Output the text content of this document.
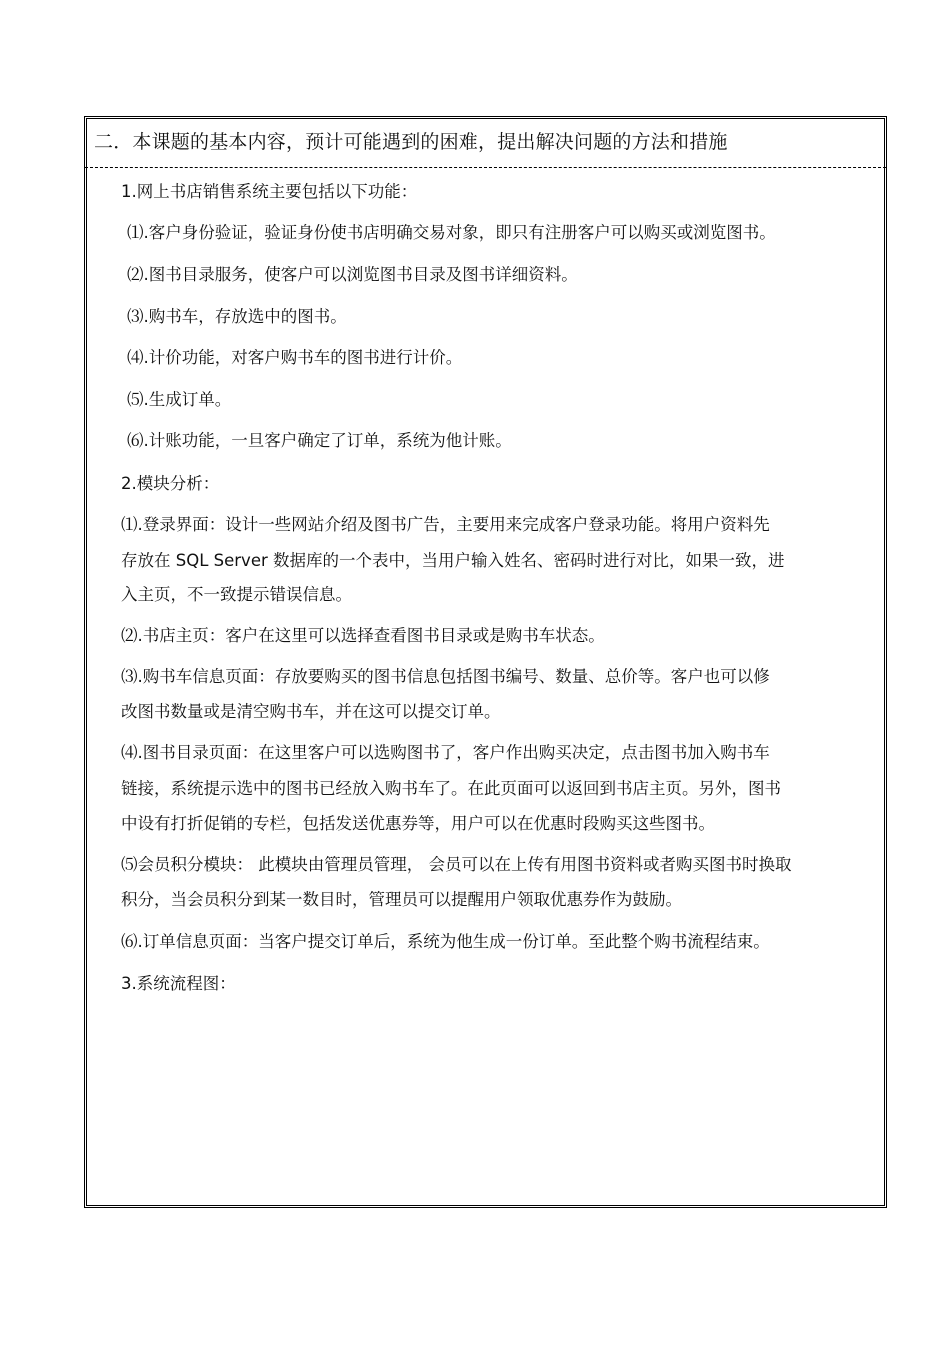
二．本课题的基本内容，预计可能遇到的困难，提出解决问题的方法和措施
1.网上书店销售系统主要包括以下功能：
⑴.客户身份验证，验证身份使书店明确交易对象，即只有注册客户可以购买或浏览图书。
⑵.图书目录服务，使客户可以浏览图书目录及图书详细资料。
⑶.购书车，存放选中的图书。
⑷.计价功能，对客户购书车的图书进行计价。
⑸.生成订单。
⑹.计账功能，一旦客户确定了订单，系统为他计账。
2.模块分析：
⑴.登录界面：设计一些网站介绍及图书广告，主要用来完成客户登录功能。将用户资料先
存放在 SQL Server 数据库的一个表中，当用户输入姓名、密码时进行对比，如果一致，进
入主页，不一致提示错误信息。
⑵.书店主页：客户在这里可以选择查看图书目录或是购书车状态。
⑶.购书车信息页面：存放要购买的图书信息包括图书编号、数量、总价等。客户也可以修
改图书数量或是清空购书车，并在这可以提交订单。
⑷.图书目录页面：在这里客户可以选购图书了，客户作出购买决定，点击图书加入购书车
链接，系统提示选中的图书已经放入购书车了。在此页面可以返回到书店主页。另外，图书
中设有打折促销的专栏，包括发送优惠券等，用户可以在优惠时段购买这些图书。
⑸会员积分模块： 此模块由管理员管理， 会员可以在上传有用图书资料或者购买图书时换取
积分，当会员积分到某一数目时，管理员可以提醒用户领取优惠券作为鼓励。
⑹.订单信息页面：当客户提交订单后，系统为他生成一份订单。至此整个购书流程结束。
3.系统流程图：
